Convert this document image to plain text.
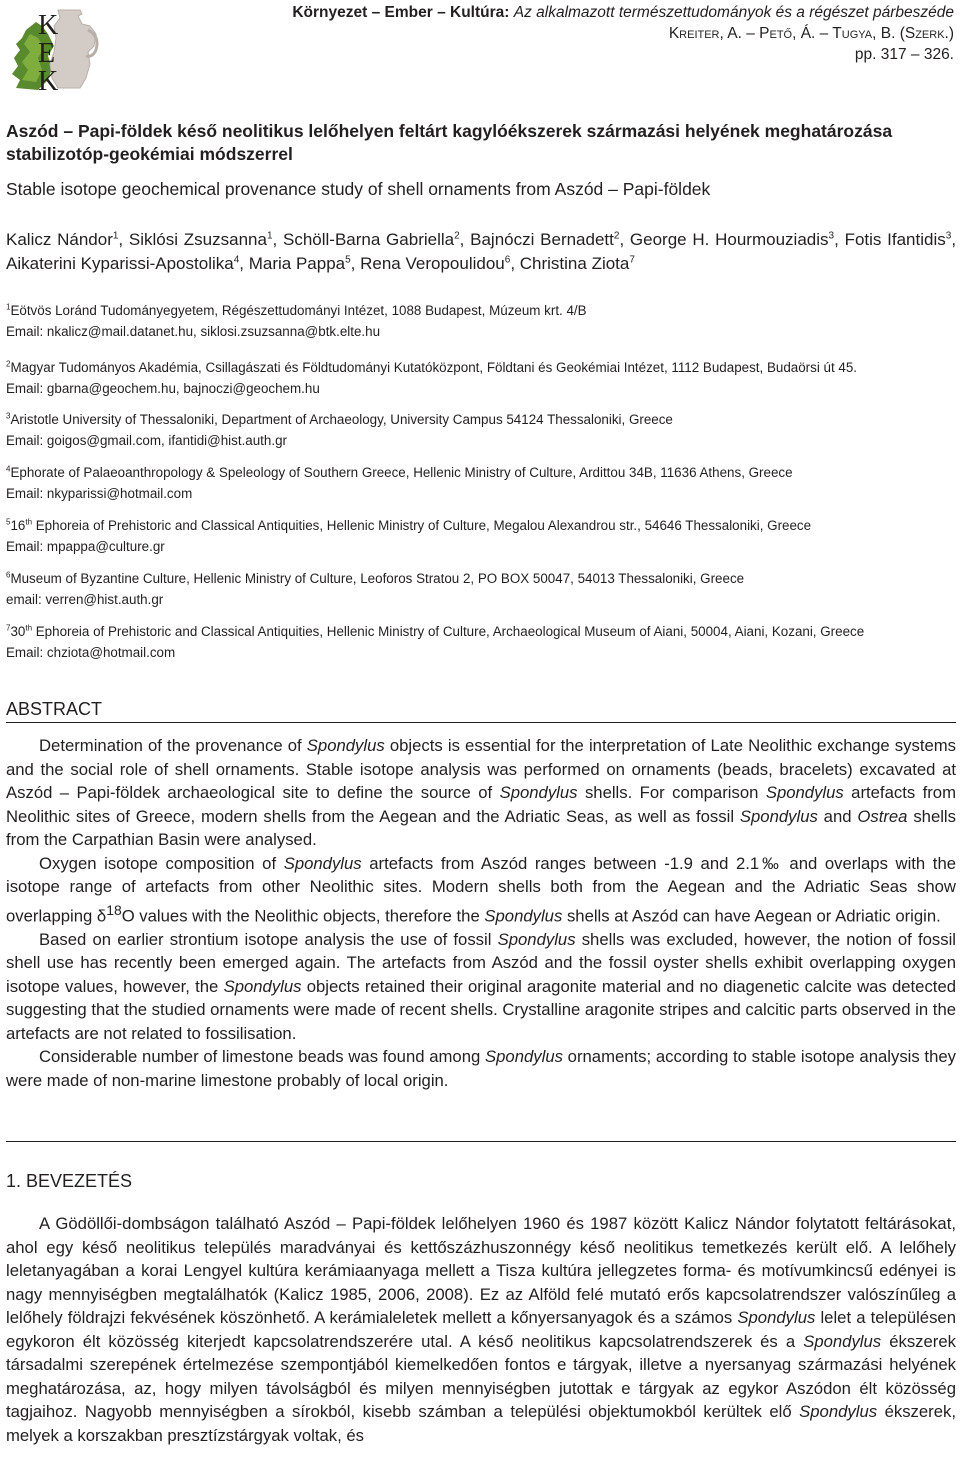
K
E
K
Környezet – Ember – Kultúra: Az alkalmazott természettudományok és a régészet párbeszéde
Kreiter, A. – Pető, Á. – Tugya, B. (Szerk.)
pp. 317 – 326.
Aszód – Papi-földek késő neolitikus lelőhelyen feltárt kagylóékszerek származási helyének meghatározása stabilizotóp-geokémiai módszerrel
Stable isotope geochemical provenance study of shell ornaments from Aszód – Papi-földek
Kalicz Nándor$^1$, Siklósi Zsuzsanna$^1$, Schöll-Barna Gabriella$^2$, Bajnóczi Bernadett$^2$, George H. Hourmouziadis$^3$, Fotis Ifantidis$^3$, Aikaterini Kyparissi-Apostolika$^4$, Maria Pappa$^5$, Rena Veropoulidou$^6$, Christina Ziota$^7$

$^1$Eötvös Loránd Tudományegyetem, Régészettudományi Intézet, 1088 Budapest, Múzeum krt. 4/B

Email: nkalicz@mail.datanet.hu, siklosi.zsuzsanna@btk.elte.hu

$^2$Magyar Tudományos Akadémia, Csillagászati és Földtudományi Kutatóközpont, Földtani és Geokémiai Intézet, 1112 Budapest, Budaörsi út 45.

Email: gbarna@geochem.hu, bajnoczi@geochem.hu

$^3$Aristotle University of Thessaloniki, Department of Archaeology, University Campus 54124 Thessaloniki, Greece

Email: goigos@gmail.com, ifantidi@hist.auth.gr

$^4$Ephorate of Palaeoanthropology & Speleology of Southern Greece, Hellenic Ministry of Culture, Ardittou 34B, 11636 Athens, Greece

Email: nkyparissi@hotmail.com

$^5$16th Ephoreia of Prehistoric and Classical Antiquities, Hellenic Ministry of Culture, Megalou Alexandrou str., 54646 Thessaloniki, Greece

Email: mpappa@culture.gr

$^6$Museum of Byzantine Culture, Hellenic Ministry of Culture, Leoforos Stratou 2, PO BOX 50047, 54013 Thessaloniki, Greece

email: verren@hist.auth.gr

$^7$30th Ephoreia of Prehistoric and Classical Antiquities, Hellenic Ministry of Culture, Archaeological Museum of Aiani, 50004, Aiani, Kozani, Greece

Email: chziota@hotmail.com

ABSTRACT

Determination of the provenance of Spondylus objects is essential for the interpretation of Late Neolithic exchange systems and the social role of shell ornaments. Stable isotope analysis was performed on ornaments (beads, bracelets) excavated at Aszód – Papi-földek archaeological site to define the source of Spondylus shells. For comparison Spondylus artefacts from Neolithic sites of Greece, modern shells from the Aegean and the Adriatic Seas, as well as fossil Spondylus and Ostrea shells from the Carpathian Basin were analysed.

Oxygen isotope composition of Spondylus artefacts from Aszód ranges between -1.9 and 2.1‰ and overlaps with the isotope range of artefacts from other Neolithic sites. Modern shells both from the Aegean and the Adriatic Seas show overlapping $\delta^{18}O$ values with the Neolithic objects, therefore the Spondylus shells at Aszód can have Aegean or Adriatic origin.

Based on earlier strontium isotope analysis the use of fossil Spondylus shells was excluded, however, the notion of fossil shell use has recently been emerged again. The artefacts from Aszód and the fossil oyster shells exhibit overlapping oxygen isotope values, however, the Spondylus objects retained their original aragonite material and no diagenetic calcite was detected suggesting that the studied ornaments were made of recent shells. Crystalline aragonite stripes and calcitic parts observed in the artefacts are not related to fossilisation.

Considerable number of limestone beads was found among Spondylus ornaments; according to stable isotope analysis they were made of non-marine limestone probably of local origin.

1. BEVEZETÉS

A Gödöllői-dombságon található Aszód – Papi-földek lelőhelyen 1960 és 1987 között Kalicz Nándor folytatott feltárásokat, ahol egy késő neolitikus település maradványai és kettőszázhuszonnégy késő neolitikus temetkezés került elő. A lelőhely leletanyagában a korai Lengyel kultúra kerámiaanyaga mellett a Tisza kultúra jellegzetes forma- és motívumkincsű edényei is nagy mennyiségben megtalálhatók (Kalicz 1985, 2006, 2008). Ez az Alföld felé mutató erős kapcsolatrendszer valószínűleg a lelőhely földrajzi fekvésének köszönhető. A kerámialeletek mellett a kőnyersanyagok és a számos Spondylus lelet a településen egykoron élt közösség kiterjedt kapcsolatrendszerére utal. A késő neolitikus kapcsolatrendszerek és a Spondylus ékszerek társadalmi szerepének értelmezése szempontjából kiemelkedően fontos e tárgyak, illetve a nyersanyag származási helyének meghatározása, az, hogy milyen távolságból és milyen mennyiségben jutottak e tárgyak az egykor Aszódon élt közösség tagjaihoz. Nagyobb mennyiségben a sírokból, kisebb számban a települési objektumokból kerültek elő Spondylus ékszerek, melyek a korszakban presztízstárgyak voltak, és
